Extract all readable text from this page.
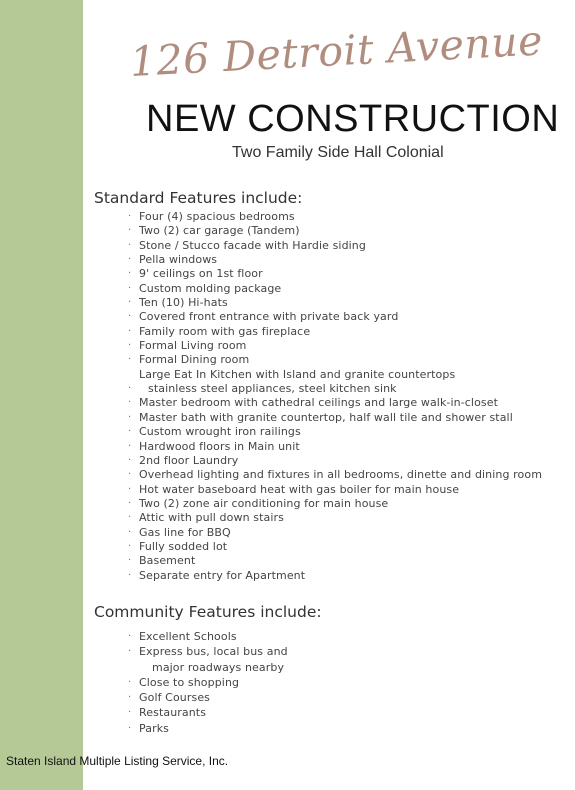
126 Detroit Avenue
NEW CONSTRUCTION
Two Family Side Hall Colonial
Standard Features include:
· Four (4) spacious bedrooms
· Two (2) car garage (Tandem)
· Stone / Stucco facade with Hardie siding
· Pella windows
· 9' ceilings on 1st floor
· Custom molding package
· Ten (10) Hi-hats
· Covered front entrance with private back yard
· Family room with gas fireplace
· Formal Living room
· Formal Dining room
Large Eat In Kitchen with Island and granite countertops
· stainless steel appliances, steel kitchen sink
· Master bedroom with cathedral ceilings and large walk-in-closet
· Master bath with granite countertop, half wall tile and shower stall
· Custom wrought iron railings
· Hardwood floors in Main unit
· 2nd floor Laundry
· Overhead lighting and fixtures in all bedrooms, dinette and dining room
· Hot water baseboard heat with gas boiler for main house
· Two (2) zone air conditioning for main house
· Attic with pull down stairs
· Gas line for BBQ
· Fully sodded lot
· Basement
· Separate entry for Apartment
Community Features include:
· Excellent Schools
· Express bus, local bus and
major roadways nearby
· Close to shopping
· Golf Courses
· Restaurants
· Parks
Staten Island Multiple Listing Service, Inc.
